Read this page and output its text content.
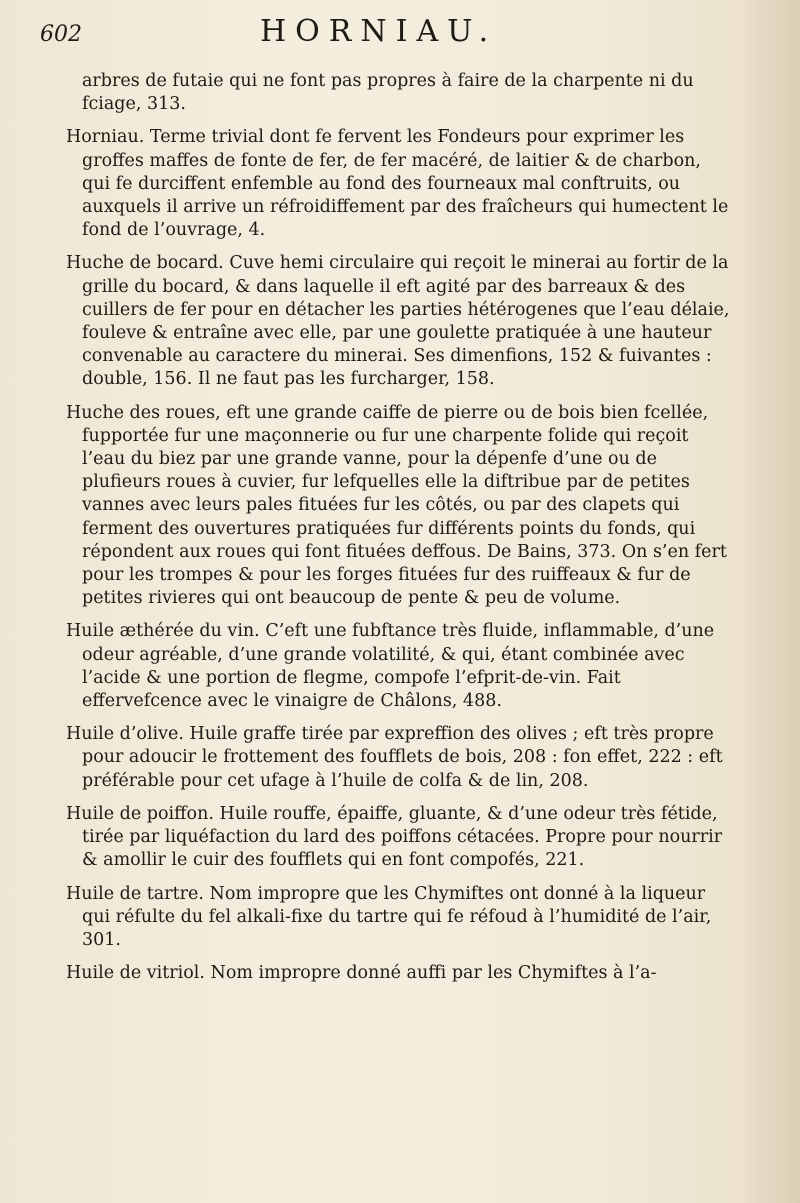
602	HORNIAU.

arbres de futaie qui ne font pas propres à faire de la charpente ni du fciage, 313.

Horniau. Terme trivial dont fe fervent les Fondeurs pour exprimer les groffes maffes de fonte de fer, de fer macéré, de laitier & de charbon, qui fe durciffent enfemble au fond des fourneaux mal conftruits, ou auxquels il arrive un réfroidiffement par des fraîcheurs qui humectent le fond de l’ouvrage, 4.

Huche de bocard. Cuve hemi circulaire qui reçoit le minerai au fortir de la grille du bocard, & dans laquelle il eft agité par des barreaux & des cuillers de fer pour en détacher les parties hétérogenes que l’eau délaie, fouleve & entraîne avec elle, par une goulette pratiquée à une hauteur convenable au caractere du minerai. Ses dimenfions, 152 & fuivantes : double, 156. Il ne faut pas les furcharger, 158.

Huche des roues, eft une grande caiffe de pierre ou de bois bien fcellée, fupportée fur une maçonnerie ou fur une charpente folide qui reçoit l’eau du biez par une grande vanne, pour la dépenfe d’une ou de plufieurs roues à cuvier, fur lefquelles elle la diftribue par de petites vannes avec leurs pales fituées fur les côtés, ou par des clapets qui ferment des ouvertures pratiquées fur différents points du fonds, qui répondent aux roues qui font fituées deffous. De Bains, 373. On s’en fert pour les trompes & pour les forges fituées fur des ruiffeaux & fur de petites rivieres qui ont beaucoup de pente & peu de volume.

Huile æthérée du vin. C’eft une fubftance très fluide, inflammable, d’une odeur agréable, d’une grande volatilité, & qui, étant combinée avec l’acide & une portion de flegme, compofe l’efprit-de-vin. Fait effervefcence avec le vinaigre de Châlons, 488.

Huile d’olive. Huile graffe tirée par expreffion des olives ; eft très propre pour adoucir le frottement des foufflets de bois, 208 : fon effet, 222 : eft préférable pour cet ufage à l’huile de colfa & de lin, 208.

Huile de poiffon. Huile rouffe, épaiffe, gluante, & d’une odeur très fétide, tirée par liquéfaction du lard des poiffons cétacées. Propre pour nourrir & amollir le cuir des foufflets qui en font compofés, 221.

Huile de tartre. Nom impropre que les Chymiftes ont donné à la liqueur qui réfulte du fel alkali-fixe du tartre qui fe réfoud à l’humidité de l’air, 301.

Huile de vitriol. Nom impropre donné auffi par les Chymiftes à l’a-
